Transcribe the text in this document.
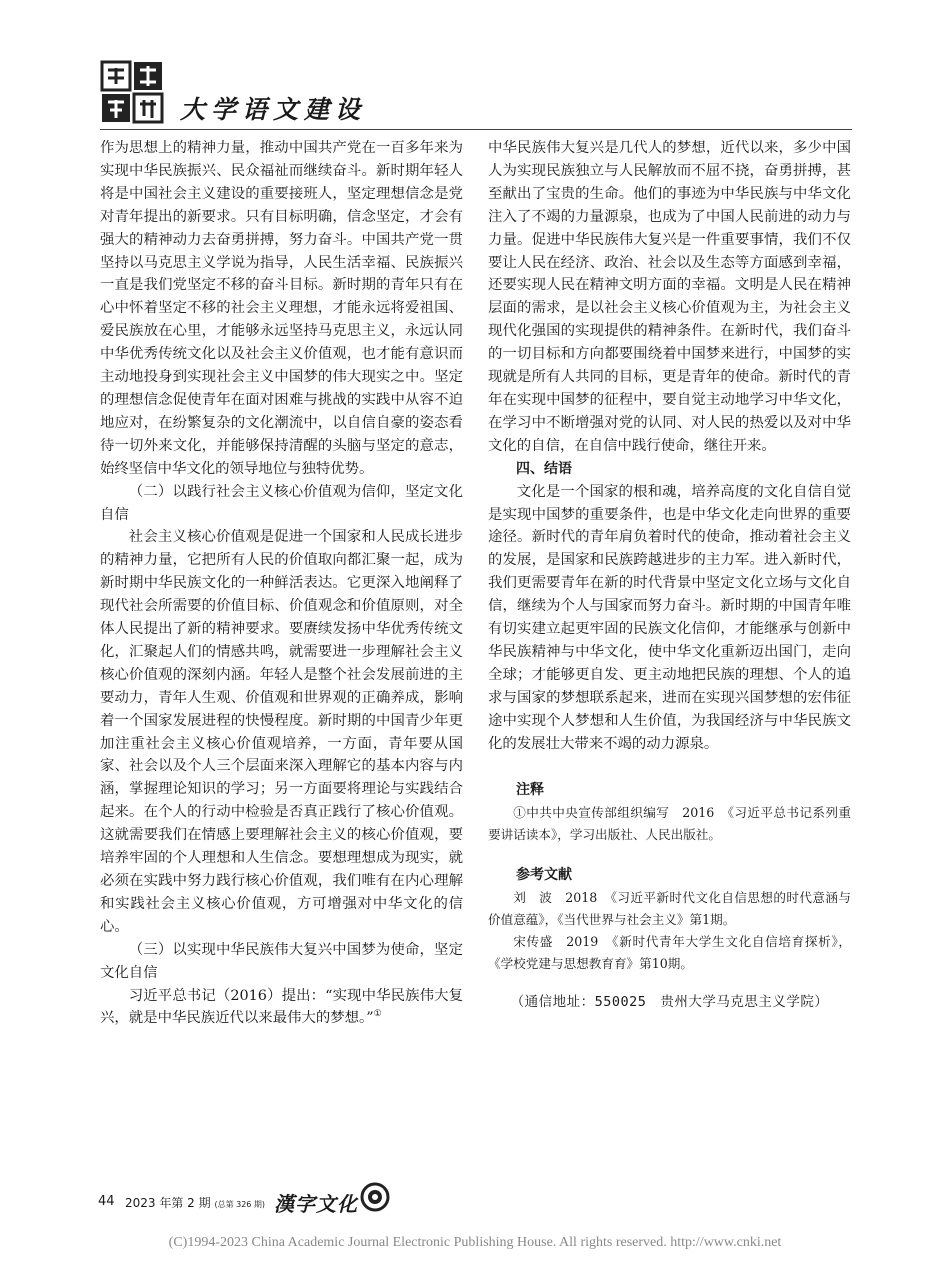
大学语文建设

作为思想上的精神力量，推动中国共产党在一百多年来为实现中华民族振兴、民众福祉而继续奋斗。新时期年轻人将是中国社会主义建设的重要接班人，坚定理想信念是党对青年提出的新要求。只有目标明确，信念坚定，才会有强大的精神动力去奋勇拼搏，努力奋斗。中国共产党一贯坚持以马克思主义学说为指导，人民生活幸福、民族振兴一直是我们党坚定不移的奋斗目标。新时期的青年只有在心中怀着坚定不移的社会主义理想，才能永远将爱祖国、爱民族放在心里，才能够永远坚持马克思主义，永远认同中华优秀传统文化以及社会主义价值观，也才能有意识而主动地投身到实现社会主义中国梦的伟大现实之中。坚定的理想信念促使青年在面对困难与挑战的实践中从容不迫地应对，在纷繁复杂的文化潮流中，以自信自豪的姿态看待一切外来文化，并能够保持清醒的头脑与坚定的意志，始终坚信中华文化的领导地位与独特优势。

（二）以践行社会主义核心价值观为信仰，坚定文化自信

社会主义核心价值观是促进一个国家和人民成长进步的精神力量，它把所有人民的价值取向都汇聚一起，成为新时期中华民族文化的一种鲜活表达。它更深入地阐释了现代社会所需要的价值目标、价值观念和价值原则，对全体人民提出了新的精神要求。要赓续发扬中华优秀传统文化，汇聚起人们的情感共鸣，就需要进一步理解社会主义核心价值观的深刻内涵。年轻人是整个社会发展前进的主要动力，青年人生观、价值观和世界观的正确养成，影响着一个国家发展进程的快慢程度。新时期的中国青少年更加注重社会主义核心价值观培养，一方面，青年要从国家、社会以及个人三个层面来深入理解它的基本内容与内涵，掌握理论知识的学习；另一方面要将理论与实践结合起来。在个人的行动中检验是否真正践行了核心价值观。这就需要我们在情感上要理解社会主义的核心价值观，要培养牢固的个人理想和人生信念。要想理想成为现实，就必须在实践中努力践行核心价值观，我们唯有在内心理解和实践社会主义核心价值观，方可增强对中华文化的信心。

（三）以实现中华民族伟大复兴中国梦为使命，坚定文化自信

习近平总书记（2016）提出：“实现中华民族伟大复兴，就是中华民族近代以来最伟大的梦想。”①

中华民族伟大复兴是几代人的梦想，近代以来，多少中国人为实现民族独立与人民解放而不屈不挠，奋勇拼搏，甚至献出了宝贵的生命。他们的事迹为中华民族与中华文化注入了不竭的力量源泉，也成为了中国人民前进的动力与力量。促进中华民族伟大复兴是一件重要事情，我们不仅要让人民在经济、政治、社会以及生态等方面感到幸福，还要实现人民在精神文明方面的幸福。文明是人民在精神层面的需求，是以社会主义核心价值观为主，为社会主义现代化强国的实现提供的精神条件。在新时代，我们奋斗的一切目标和方向都要围绕着中国梦来进行，中国梦的实现就是所有人共同的目标，更是青年的使命。新时代的青年在实现中国梦的征程中，要自觉主动地学习中华文化，在学习中不断增强对党的认同、对人民的热爱以及对中华文化的自信，在自信中践行使命，继往开来。

四、结语

文化是一个国家的根和魂，培养高度的文化自信自觉是实现中国梦的重要条件，也是中华文化走向世界的重要途径。新时代的青年肩负着时代的使命，推动着社会主义的发展，是国家和民族跨越进步的主力军。进入新时代，我们更需要青年在新的时代背景中坚定文化立场与文化自信，继续为个人与国家而努力奋斗。新时期的中国青年唯有切实建立起更牢固的民族文化信仰，才能继承与创新中华民族精神与中华文化，使中华文化重新迈出国门，走向全球；才能够更自发、更主动地把民族的理想、个人的追求与国家的梦想联系起来，进而在实现兴国梦想的宏伟征途中实现个人梦想和人生价值，为我国经济与中华民族文化的发展壮大带来不竭的动力源泉。

注释

①中共中央宣传部组织编写　2016　《习近平总书记系列重要讲话读本》，学习出版社、人民出版社。

参考文献

刘　波　2018　《习近平新时代文化自信思想的时代意涵与价值意蕴》，《当代世界与社会主义》第1期。

宋传盛　2019　《新时代青年大学生文化自信培育探析》，《学校党建与思想教育育》第10期。

（通信地址：550025　贵州大学马克思主义学院）

44 2023 年第 2 期 (总第 326 期) 漢字文化
(C)1994-2023 China Academic Journal Electronic Publishing House. All rights reserved. http://www.cnki.net
